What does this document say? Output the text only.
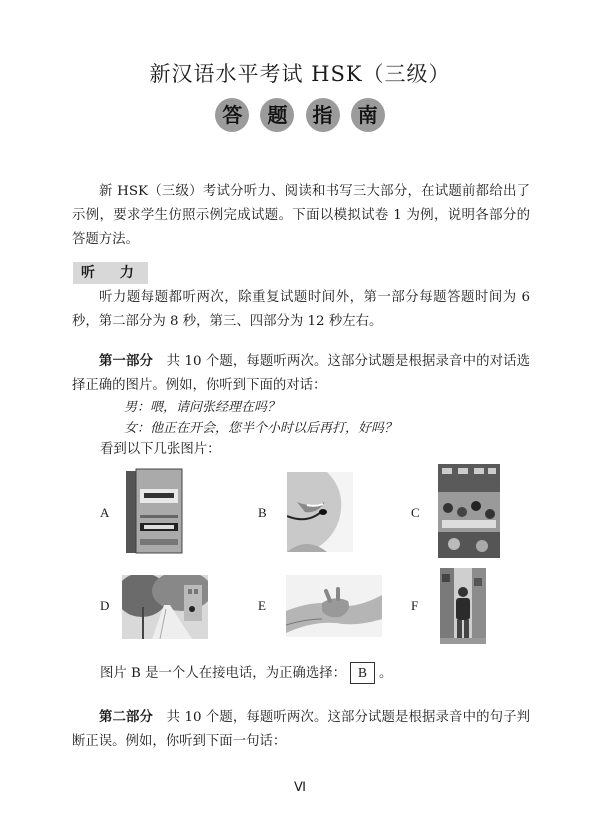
新汉语水平考试 HSK（三级）
答 题 指 南

新 HSK（三级）考试分听力、阅读和书写三大部分，在试题前都给出了示例，要求学生仿照示例完成试题。下面以模拟试卷 1 为例，说明各部分的答题方法。

听 力

听力题每题都听两次，除重复试题时间外，第一部分每题答题时间为 6 秒，第二部分为 8 秒，第三、四部分为 12 秒左右。

第一部分　 共 10 个题，每题听两次。这部分试题是根据录音中的对话选择正确的图片。例如，你听到下面的对话：

男：喂，请问张经理在吗？
女：他正在开会，您半个小时以后再打，好吗？
看到以下几张图片：
A	B	C
D	E	F
图片 B 是一个人在接电话，为正确选择： B 。

第二部分　 共 10 个题，每题听两次。这部分试题是根据录音中的句子判断正误。例如，你听到下面一句话：

Ⅵ
